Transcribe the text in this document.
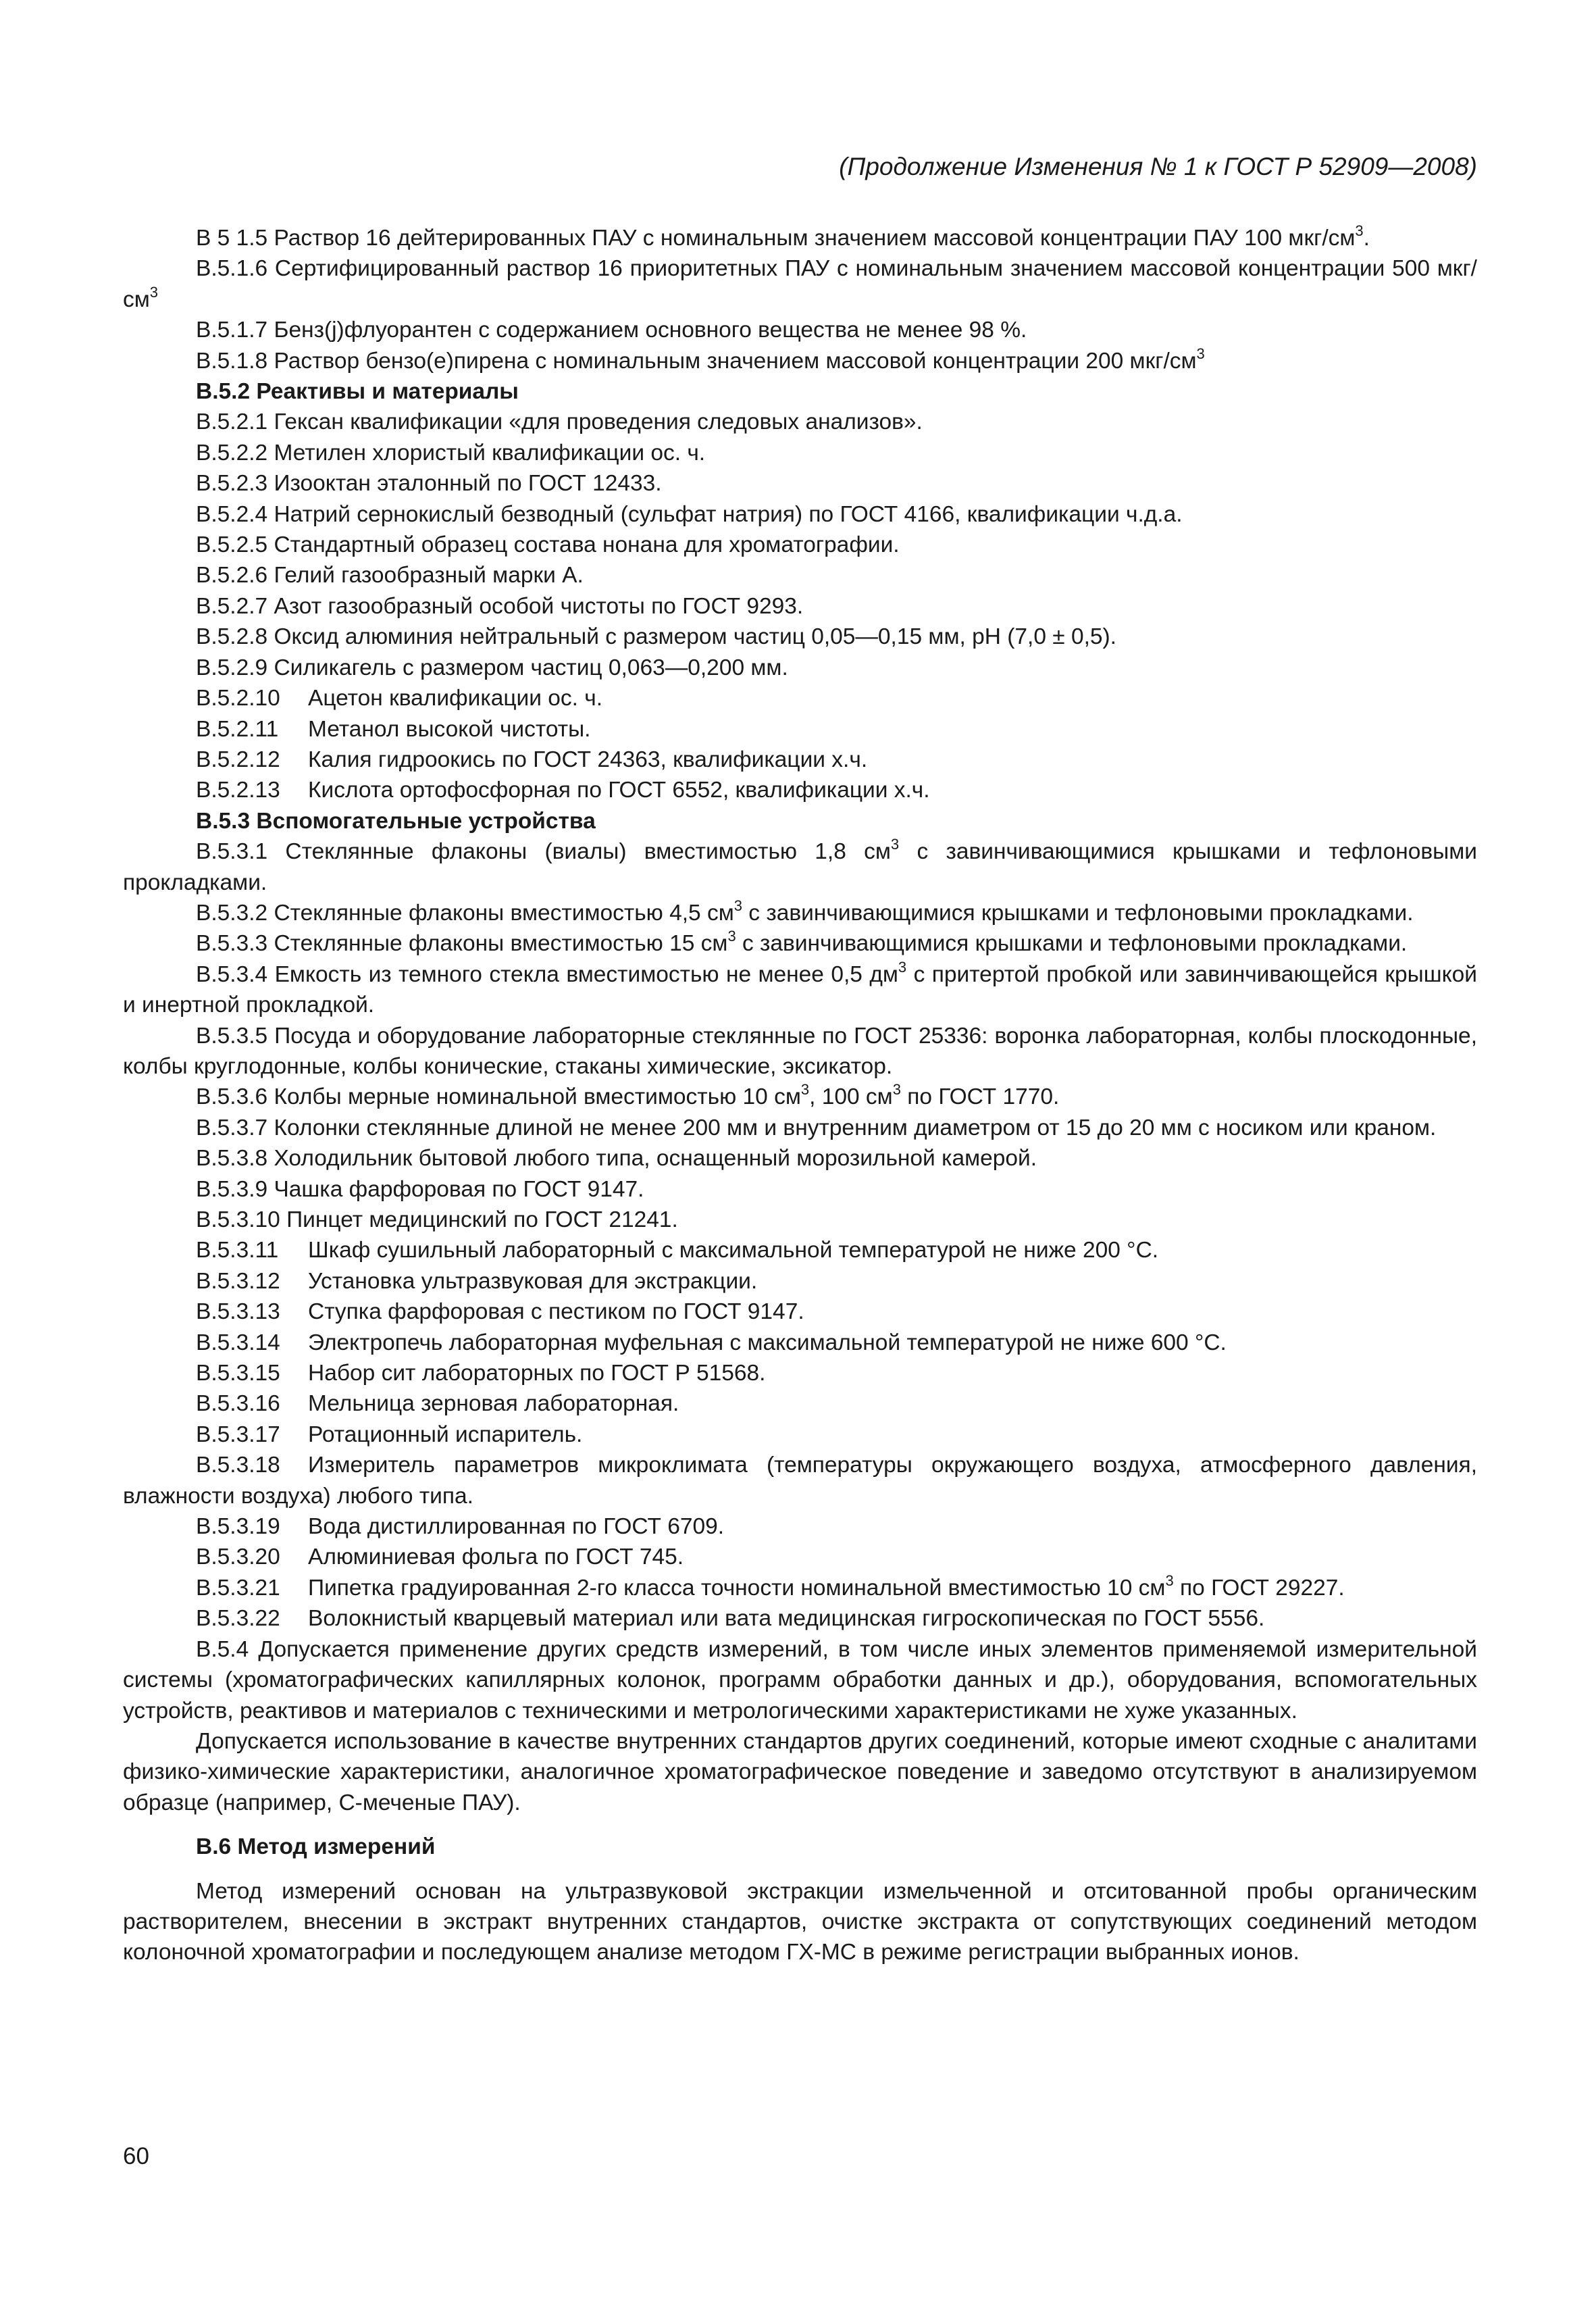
(Продолжение Изменения № 1 к ГОСТ Р 52909—2008)

В 5 1.5 Раствор 16 дейтерированных ПАУ с номинальным значением массовой концентрации ПАУ 100 мкг/$см^3$.

В.5.1.6 Сертифицированный раствор 16 приоритетных ПАУ с номинальным значением массовой концентрации 500 мкг/$см^3$

В.5.1.7 Бенз(j)флуорантен с содержанием основного вещества не менее 98 %.

В.5.1.8 Раствор бензо(е)пирена с номинальным значением массовой концентрации 200 мкг/$см^3$

В.5.2 Реактивы и материалы

В.5.2.1 Гексан квалификации «для проведения следовых анализов».

В.5.2.2 Метилен хлористый квалификации ос. ч.

В.5.2.3 Изооктан эталонный по ГОСТ 12433.

В.5.2.4 Натрий сернокислый безводный (сульфат натрия) по ГОСТ 4166, квалификации ч.д.а.

В.5.2.5 Стандартный образец состава нонана для хроматографии.

В.5.2.6 Гелий газообразный марки А.

В.5.2.7 Азот газообразный особой чистоты по ГОСТ 9293.

В.5.2.8 Оксид алюминия нейтральный с размером частиц 0,05—0,15 мм, рН (7,0 ± 0,5).

В.5.2.9 Силикагель с размером частиц 0,063—0,200 мм.

В.5.2.10 Ацетон квалификации ос. ч.

В.5.2.11 Метанол высокой чистоты.

В.5.2.12 Калия гидроокись по ГОСТ 24363, квалификации х.ч.

В.5.2.13 Кислота ортофосфорная по ГОСТ 6552, квалификации х.ч.

В.5.3 Вспомогательные устройства

В.5.3.1 Стеклянные флаконы (виалы) вместимостью 1,8 $см^3$ с завинчивающимися крышками и тефлоновыми прокладками.

В.5.3.2 Стеклянные флаконы вместимостью 4,5 $см^3$ с завинчивающимися крышками и тефлоновыми прокладками.

В.5.3.3 Стеклянные флаконы вместимостью 15 $см^3$ с завинчивающимися крышками и тефлоновыми прокладками.

В.5.3.4 Емкость из темного стекла вместимостью не менее 0,5 $дм^3$ с притертой пробкой или завинчивающейся крышкой и инертной прокладкой.

В.5.3.5 Посуда и оборудование лабораторные стеклянные по ГОСТ 25336: воронка лабораторная, колбы плоскодонные, колбы круглодонные, колбы конические, стаканы химические, эксикатор.

В.5.3.6 Колбы мерные номинальной вместимостью 10 $см^3$, 100 $см^3$ по ГОСТ 1770.

В.5.3.7 Колонки стеклянные длиной не менее 200 мм и внутренним диаметром от 15 до 20 мм с носиком или краном.

В.5.3.8 Холодильник бытовой любого типа, оснащенный морозильной камерой.

В.5.3.9 Чашка фарфоровая по ГОСТ 9147.

В.5.3.10 Пинцет медицинский по ГОСТ 21241.

В.5.3.11 Шкаф сушильный лабораторный с максимальной температурой не ниже 200 °С.

В.5.3.12 Установка ультразвуковая для экстракции.

В.5.3.13 Ступка фарфоровая с пестиком по ГОСТ 9147.

В.5.3.14 Электропечь лабораторная муфельная с максимальной температурой не ниже 600 °С.

В.5.3.15 Набор сит лабораторных по ГОСТ Р 51568.

В.5.3.16 Мельница зерновая лабораторная.

В.5.3.17 Ротационный испаритель.

В.5.3.18 Измеритель параметров микроклимата (температуры окружающего воздуха, атмосферного давления, влажности воздуха) любого типа.

В.5.3.19 Вода дистиллированная по ГОСТ 6709.

В.5.3.20 Алюминиевая фольга по ГОСТ 745.

В.5.3.21 Пипетка градуированная 2-го класса точности номинальной вместимостью 10 $см^3$ по ГОСТ 29227.

В.5.3.22 Волокнистый кварцевый материал или вата медицинская гигроскопическая по ГОСТ 5556.

В.5.4 Допускается применение других средств измерений, в том числе иных элементов применяемой измерительной системы (хроматографических капиллярных колонок, программ обработки данных и др.), оборудования, вспомогательных устройств, реактивов и материалов с техническими и метрологическими характеристиками не хуже указанных.

Допускается использование в качестве внутренних стандартов других соединений, которые имеют сходные с аналитами физико-химические характеристики, аналогичное хроматографическое поведение и заведомо отсутствуют в анализируемом образце (например, С-меченые ПАУ).

В.6 Метод измерений

Метод измерений основан на ультразвуковой экстракции измельченной и отситованной пробы органическим растворителем, внесении в экстракт внутренних стандартов, очистке экстракта от сопутствующих соединений методом колоночной хроматографии и последующем анализе методом ГХ-МС в режиме регистрации выбранных ионов.

60
